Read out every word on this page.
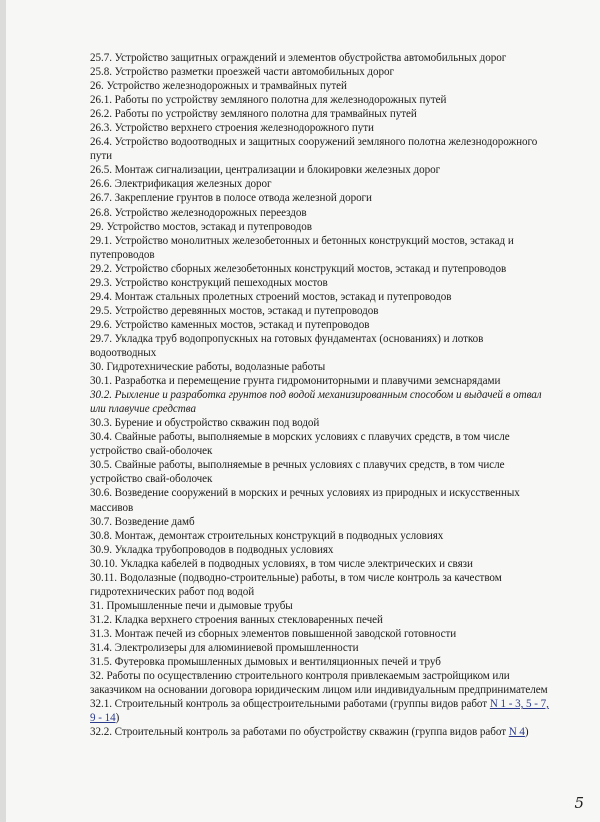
25.7. Устройство защитных ограждений и элементов обустройства автомобильных дорог

25.8. Устройство разметки проезжей части автомобильных дорог

26. Устройство железнодорожных и трамвайных путей

26.1. Работы по устройству земляного полотна для железнодорожных путей

26.2. Работы по устройству земляного полотна для трамвайных путей

26.3. Устройство верхнего строения железнодорожного пути

26.4. Устройство водоотводных и защитных сооружений земляного полотна железнодорожного пути

26.5. Монтаж сигнализации, централизации и блокировки железных дорог

26.6. Электрификация железных дорог

26.7. Закрепление грунтов в полосе отвода железной дороги

26.8. Устройство железнодорожных переездов

29. Устройство мостов, эстакад и путепроводов

29.1. Устройство монолитных железобетонных и бетонных конструкций мостов, эстакад и путепроводов

29.2. Устройство сборных железобетонных конструкций мостов, эстакад и путепроводов

29.3. Устройство конструкций пешеходных мостов

29.4. Монтаж стальных пролетных строений мостов, эстакад и путепроводов

29.5. Устройство деревянных мостов, эстакад и путепроводов

29.6. Устройство каменных мостов, эстакад и путепроводов

29.7. Укладка труб водопропускных на готовых фундаментах (основаниях) и лотков водоотводных

30. Гидротехнические работы, водолазные работы

30.1. Разработка и перемещение грунта гидромониторными и плавучими земснарядами

30.2. Рыхление и разработка грунтов под водой механизированным способом и выдачей в отвал или плавучие средства

30.3. Бурение и обустройство скважин под водой

30.4. Свайные работы, выполняемые в морских условиях с плавучих средств, в том числе устройство свай-оболочек

30.5. Свайные работы, выполняемые в речных условиях с плавучих средств, в том числе устройство свай-оболочек

30.6. Возведение сооружений в морских и речных условиях из природных и искусственных массивов

30.7. Возведение дамб

30.8. Монтаж, демонтаж строительных конструкций в подводных условиях

30.9. Укладка трубопроводов в подводных условиях

30.10. Укладка кабелей в подводных условиях, в том числе электрических и связи

30.11. Водолазные (подводно-строительные) работы, в том числе контроль за качеством гидротехнических работ под водой

31. Промышленные печи и дымовые трубы

31.2. Кладка верхнего строения ванных стекловаренных печей

31.3. Монтаж печей из сборных элементов повышенной заводской готовности

31.4. Электролизеры для алюминиевой промышленности

31.5. Футеровка промышленных дымовых и вентиляционных печей и труб

32. Работы по осуществлению строительного контроля привлекаемым застройщиком или заказчиком на основании договора юридическим лицом или индивидуальным предпринимателем

32.1. Строительный контроль за общестроительными работами (группы видов работ N 1 - 3, 5 - 7, 9 - 14)

32.2. Строительный контроль за работами по обустройству скважин (группа видов работ N 4)

5
